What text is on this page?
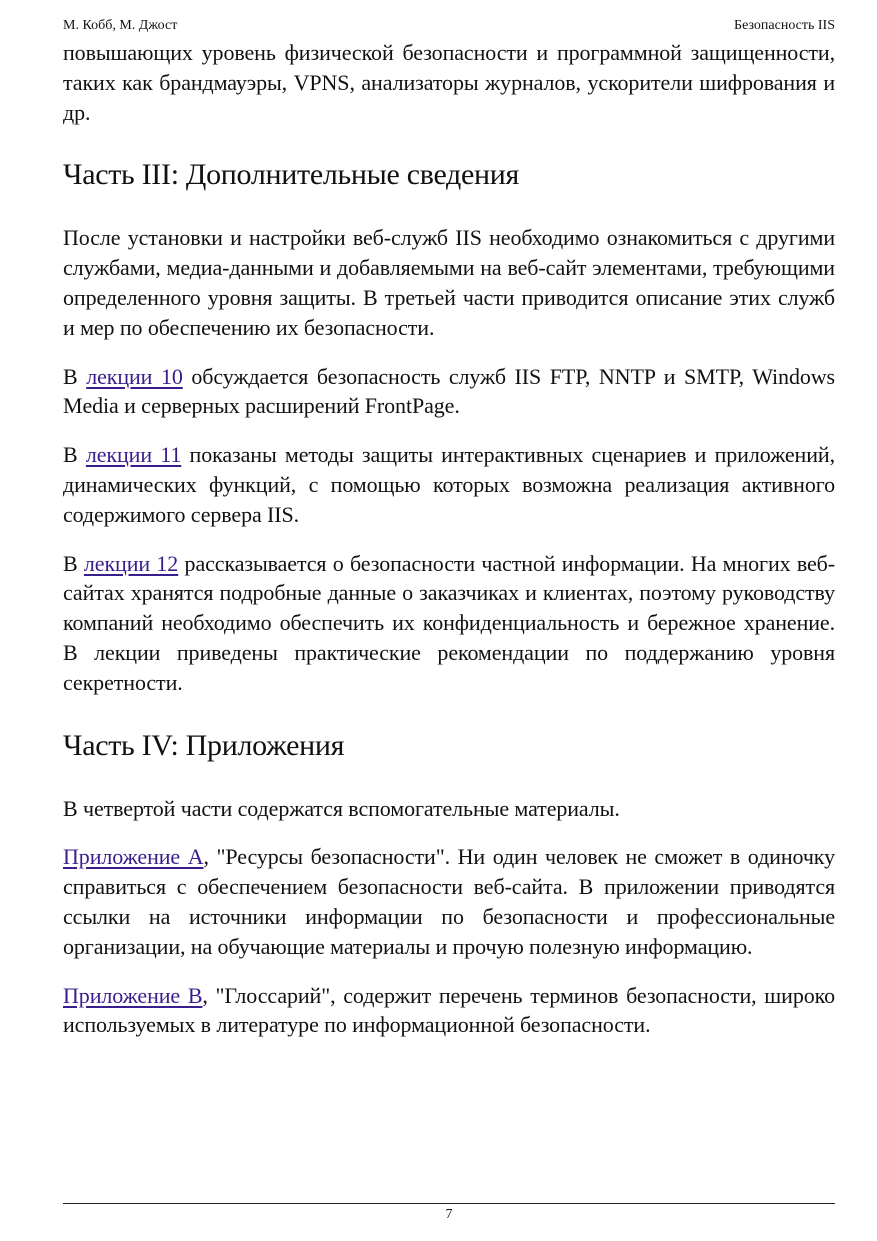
М. Кобб, М. Джост	Безопасность IIS

повышающих уровень физической безопасности и программной защищенности, таких как брандмауэры, VPNS, анализаторы журналов, ускорители шифрования и др.

Часть III: Дополнительные сведения

После установки и настройки веб-служб IIS необходимо ознакомиться с другими службами, медиа-данными и добавляемыми на веб-сайт элементами, требующими определенного уровня защиты. В третьей части приводится описание этих служб и мер по обеспечению их безопасности.

В лекции 10 обсуждается безопасность служб IIS FTP, NNTP и SMTP, Windows Media и серверных расширений FrontPage.

В лекции 11 показаны методы защиты интерактивных сценариев и приложений, динамических функций, с помощью которых возможна реализация активного содержимого сервера IIS.

В лекции 12 рассказывается о безопасности частной информации. На многих веб-сайтах хранятся подробные данные о заказчиках и клиентах, поэтому руководству компаний необходимо обеспечить их конфиденциальность и бережное хранение. В лекции приведены практические рекомендации по поддержанию уровня секретности.

Часть IV: Приложения

В четвертой части содержатся вспомогательные материалы.

Приложение A, "Ресурсы безопасности". Ни один человек не сможет в одиночку справиться с обеспечением безопасности веб-сайта. В приложении приводятся ссылки на источники информации по безопасности и профессиональные организации, на обучающие материалы и прочую полезную информацию.

Приложение B, "Глоссарий", содержит перечень терминов безопасности, широко используемых в литературе по информационной безопасности.

7
